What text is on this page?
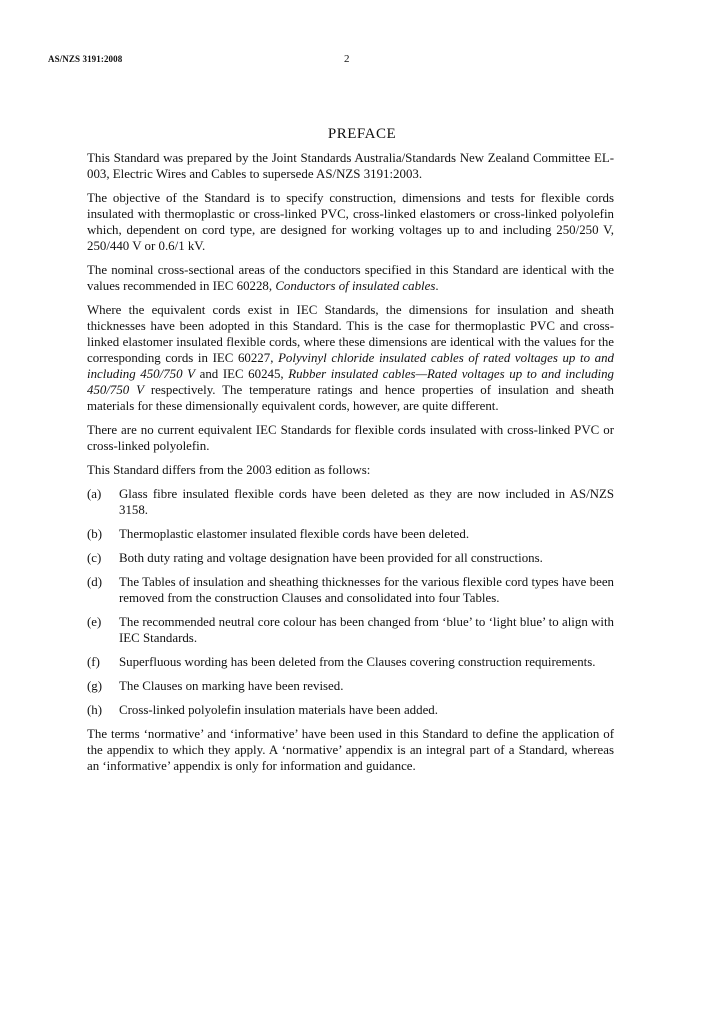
AS/NZS 3191:2008	2
PREFACE

This Standard was prepared by the Joint Standards Australia/Standards New Zealand Committee EL-003, Electric Wires and Cables to supersede AS/NZS 3191:2003.

The objective of the Standard is to specify construction, dimensions and tests for flexible cords insulated with thermoplastic or cross-linked PVC, cross-linked elastomers or cross-linked polyolefin which, dependent on cord type, are designed for working voltages up to and including 250/250 V, 250/440 V or 0.6/1 kV.

The nominal cross-sectional areas of the conductors specified in this Standard are identical with the values recommended in IEC 60228, Conductors of insulated cables.

Where the equivalent cords exist in IEC Standards, the dimensions for insulation and sheath thicknesses have been adopted in this Standard. This is the case for thermoplastic PVC and cross-linked elastomer insulated flexible cords, where these dimensions are identical with the values for the corresponding cords in IEC 60227, Polyvinyl chloride insulated cables of rated voltages up to and including 450/750 V and IEC 60245, Rubber insulated cables—Rated voltages up to and including 450/750 V respectively. The temperature ratings and hence properties of insulation and sheath materials for these dimensionally equivalent cords, however, are quite different.

There are no current equivalent IEC Standards for flexible cords insulated with cross-linked PVC or cross-linked polyolefin.

This Standard differs from the 2003 edition as follows:

(a)	Glass fibre insulated flexible cords have been deleted as they are now included in AS/NZS 3158.
(b)	Thermoplastic elastomer insulated flexible cords have been deleted.
(c)	Both duty rating and voltage designation have been provided for all constructions.
(d)	The Tables of insulation and sheathing thicknesses for the various flexible cord types have been removed from the construction Clauses and consolidated into four Tables.
(e)	The recommended neutral core colour has been changed from ‘blue’ to ‘light blue’ to align with IEC Standards.
(f)	Superfluous wording has been deleted from the Clauses covering construction requirements.
(g)	The Clauses on marking have been revised.
(h)	Cross-linked polyolefin insulation materials have been added.

The terms ‘normative’ and ‘informative’ have been used in this Standard to define the application of the appendix to which they apply. A ‘normative’ appendix is an integral part of a Standard, whereas an ‘informative’ appendix is only for information and guidance.
